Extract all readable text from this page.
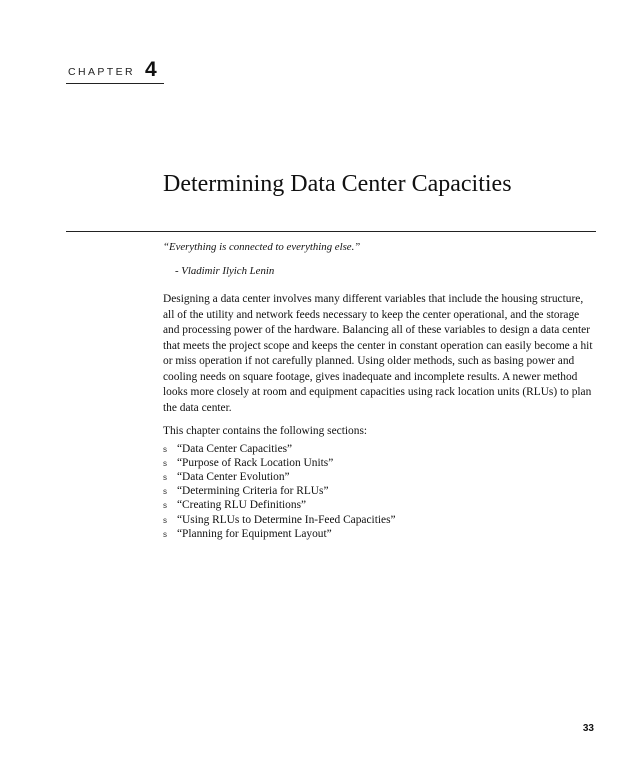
CHAPTER 4
Determining Data Center Capacities

“Everything is connected to everything else.”

- Vladimir Ilyich Lenin

Designing a data center involves many different variables that include the housing structure, all of the utility and network feeds necessary to keep the center operational, and the storage and processing power of the hardware. Balancing all of these variables to design a data center that meets the project scope and keeps the center in constant operation can easily become a hit or miss operation if not carefully planned. Using older methods, such as basing power and cooling needs on square footage, gives inadequate and incomplete results. A newer method looks more closely at room and equipment capacities using rack location units (RLUs) to plan the data center.

This chapter contains the following sections:

s “Data Center Capacities”
s “Purpose of Rack Location Units”
s “Data Center Evolution”
s “Determining Criteria for RLUs”
s “Creating RLU Definitions”
s “Using RLUs to Determine In-Feed Capacities”
s “Planning for Equipment Layout”
33
